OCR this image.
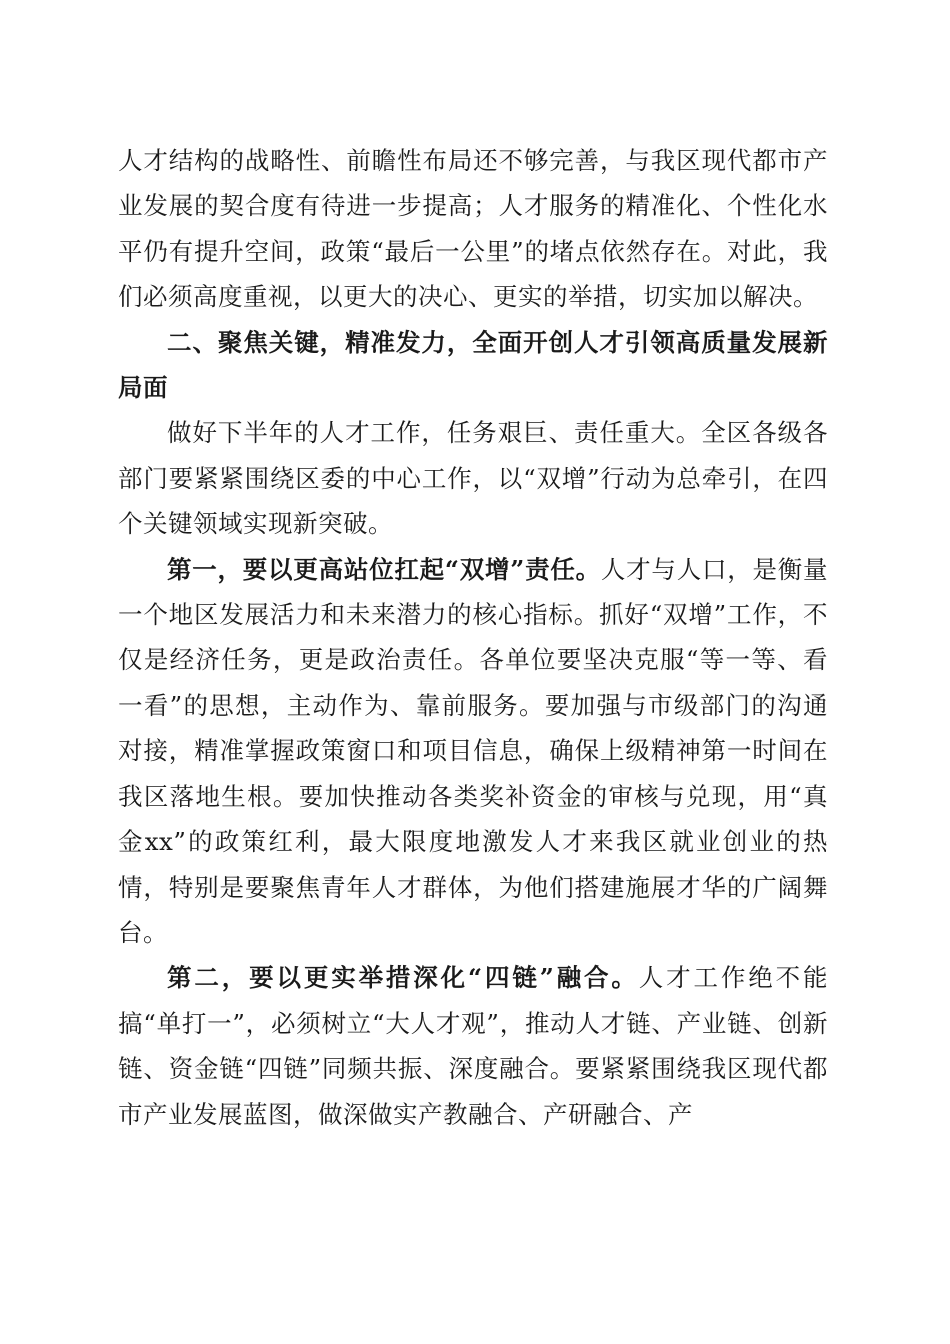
人才结构的战略性、前瞻性布局还不够完善，与我区现代都市产业发展的契合度有待进一步提高；人才服务的精准化、个性化水平仍有提升空间，政策“最后一公里”的堵点依然存在。对此，我们必须高度重视，以更大的决心、更实的举措，切实加以解决。

二、聚焦关键，精准发力，全面开创人才引领高质量发展新局面

做好下半年的人才工作，任务艰巨、责任重大。全区各级各部门要紧紧围绕区委的中心工作，以“双增”行动为总牵引，在四个关键领域实现新突破。

第一，要以更高站位扛起“双增”责任。人才与人口，是衡量一个地区发展活力和未来潜力的核心指标。抓好“双增”工作，不仅是经济任务，更是政治责任。各单位要坚决克服“等一等、看一看”的思想，主动作为、靠前服务。要加强与市级部门的沟通对接，精准掌握政策窗口和项目信息，确保上级精神第一时间在我区落地生根。要加快推动各类奖补资金的审核与兑现，用“真金xx”的政策红利，最大限度地激发人才来我区就业创业的热情，特别是要聚焦青年人才群体，为他们搭建施展才华的广阔舞台。

第二，要以更实举措深化“四链”融合。人才工作绝不能搞“单打一”，必须树立“大人才观”，推动人才链、产业链、创新链、资金链“四链”同频共振、深度融合。要紧紧围绕我区现代都市产业发展蓝图，做深做实产教融合、产研融合、产
